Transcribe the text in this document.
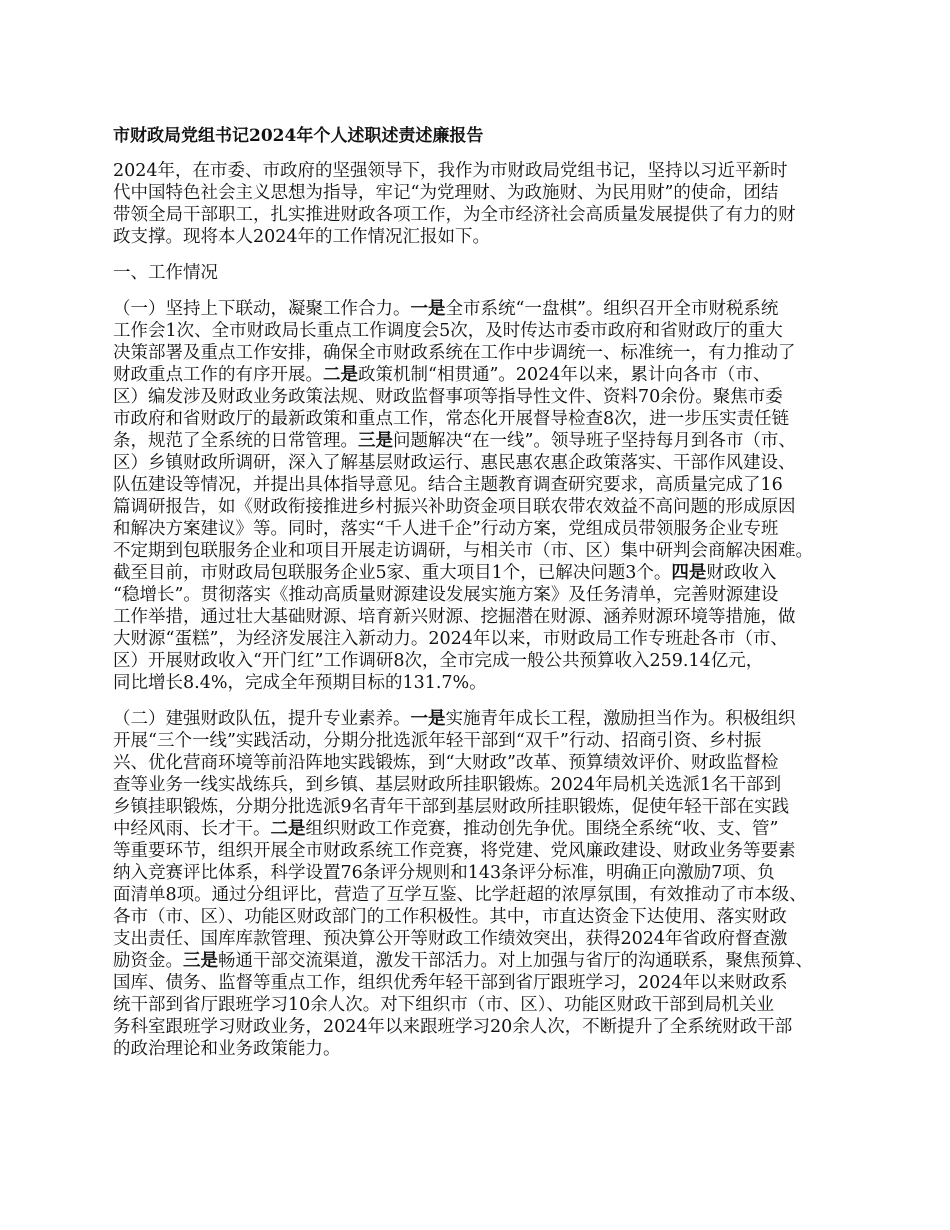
市财政局党组书记2024年个人述职述责述廉报告
2024年，在市委、市政府的坚强领导下，我作为市财政局党组书记，坚持以习近平新时
代中国特色社会主义思想为指导，牢记“为党理财、为政施财、为民用财”的使命，团结
带领全局干部职工，扎实推进财政各项工作，为全市经济社会高质量发展提供了有力的财
政支撑。现将本人2024年的工作情况汇报如下。
一、工作情况
（一）坚持上下联动，凝聚工作合力。一是全市系统“一盘棋”。组织召开全市财税系统
工作会1次、全市财政局长重点工作调度会5次，及时传达市委市政府和省财政厅的重大
决策部署及重点工作安排，确保全市财政系统在工作中步调统一、标准统一，有力推动了
财政重点工作的有序开展。二是政策机制“相贯通”。2024年以来，累计向各市（市、
区）编发涉及财政业务政策法规、财政监督事项等指导性文件、资料70余份。聚焦市委
市政府和省财政厅的最新政策和重点工作，常态化开展督导检查8次，进一步压实责任链
条，规范了全系统的日常管理。三是问题解决“在一线”。领导班子坚持每月到各市（市、
区）乡镇财政所调研，深入了解基层财政运行、惠民惠农惠企政策落实、干部作风建设、
队伍建设等情况，并提出具体指导意见。结合主题教育调查研究要求，高质量完成了16
篇调研报告，如《财政衔接推进乡村振兴补助资金项目联农带农效益不高问题的形成原因
和解决方案建议》等。同时，落实“千人进千企”行动方案，党组成员带领服务企业专班
不定期到包联服务企业和项目开展走访调研，与相关市（市、区）集中研判会商解决困难。
截至目前，市财政局包联服务企业5家、重大项目1个，已解决问题3个。四是财政收入
“稳增长”。贯彻落实《推动高质量财源建设发展实施方案》及任务清单，完善财源建设
工作举措，通过壮大基础财源、培育新兴财源、挖掘潜在财源、涵养财源环境等措施，做
大财源“蛋糕”，为经济发展注入新动力。2024年以来，市财政局工作专班赴各市（市、
区）开展财政收入“开门红”工作调研8次，全市完成一般公共预算收入259.14亿元，
同比增长8.4%，完成全年预期目标的131.7%。
（二）建强财政队伍，提升专业素养。一是实施青年成长工程，激励担当作为。积极组织
开展“三个一线”实践活动，分期分批选派年轻干部到“双千”行动、招商引资、乡村振
兴、优化营商环境等前沿阵地实践锻炼，到“大财政”改革、预算绩效评价、财政监督检
查等业务一线实战练兵，到乡镇、基层财政所挂职锻炼。2024年局机关选派1名干部到
乡镇挂职锻炼，分期分批选派9名青年干部到基层财政所挂职锻炼，促使年轻干部在实践
中经风雨、长才干。二是组织财政工作竞赛，推动创先争优。围绕全系统“收、支、管”
等重要环节，组织开展全市财政系统工作竞赛，将党建、党风廉政建设、财政业务等要素
纳入竞赛评比体系，科学设置76条评分规则和143条评分标准，明确正向激励7项、负
面清单8项。通过分组评比，营造了互学互鉴、比学赶超的浓厚氛围，有效推动了市本级、
各市（市、区）、功能区财政部门的工作积极性。其中，市直达资金下达使用、落实财政
支出责任、国库库款管理、预决算公开等财政工作绩效突出，获得2024年省政府督查激
励资金。三是畅通干部交流渠道，激发干部活力。对上加强与省厅的沟通联系，聚焦预算、
国库、债务、监督等重点工作，组织优秀年轻干部到省厅跟班学习，2024年以来财政系
统干部到省厅跟班学习10余人次。对下组织市（市、区）、功能区财政干部到局机关业
务科室跟班学习财政业务，2024年以来跟班学习20余人次，不断提升了全系统财政干部
的政治理论和业务政策能力。
